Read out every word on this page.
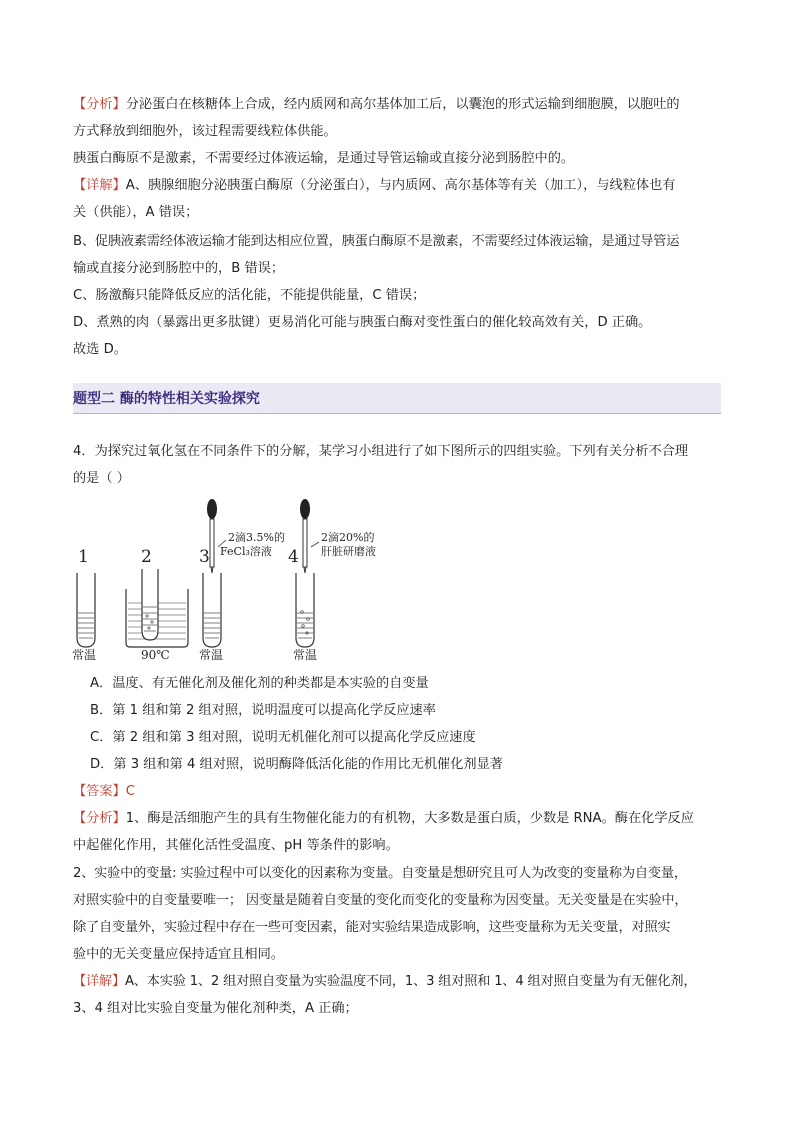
【分析】分泌蛋白在核糖体上合成，经内质网和高尔基体加工后，以囊泡的形式运输到细胞膜，以胞吐的
方式释放到细胞外，该过程需要线粒体供能。
胰蛋白酶原不是激素，不需要经过体液运输，是通过导管运输或直接分泌到肠腔中的。
【详解】A、胰腺细胞分泌胰蛋白酶原（分泌蛋白），与内质网、高尔基体等有关（加工），与线粒体也有
关（供能），A 错误；
B、促胰液素需经体液运输才能到达相应位置，胰蛋白酶原不是激素，不需要经过体液运输，是通过导管运
输或直接分泌到肠腔中的，B 错误；
C、肠激酶只能降低反应的活化能，不能提供能量，C 错误；
D、煮熟的肉（暴露出更多肽键）更易消化可能与胰蛋白酶对变性蛋白的催化较高效有关，D 正确。
故选 D。
题型二 酶的特性相关实验探究
4．为探究过氧化氢在不同条件下的分解，某学习小组进行了如下图所示的四组实验。下列有关分析不合理
的是（ ）
1	2	3	4
2滴3.5%的
FeCl₃溶液
2滴20%的
肝脏研磨液
常温	90℃ 常温	常温
A．温度、有无催化剂及催化剂的种类都是本实验的自变量
B．第 1 组和第 2 组对照，说明温度可以提高化学反应速率
C．第 2 组和第 3 组对照，说明无机催化剂可以提高化学反应速度
D．第 3 组和第 4 组对照，说明酶降低活化能的作用比无机催化剂显著
【答案】C
【分析】1、酶是活细胞产生的具有生物催化能力的有机物，大多数是蛋白质，少数是 RNA。酶在化学反应
中起催化作用，其催化活性受温度、pH 等条件的影响。
2、实验中的变量: 实验过程中可以变化的因素称为变量。自变量是想研究且可人为改变的变量称为自变量，
对照实验中的自变量要唯一； 因变量是随着自变量的变化而变化的变量称为因变量。无关变量是在实验中，
除了自变量外，实验过程中存在一些可变因素，能对实验结果造成影响，这些变量称为无关变量，对照实
验中的无关变量应保持适宜且相同。
【详解】A、本实验 1、2 组对照自变量为实验温度不同，1、3 组对照和 1、4 组对照自变量为有无催化剂，
3、4 组对比实验自变量为催化剂种类，A 正确；
